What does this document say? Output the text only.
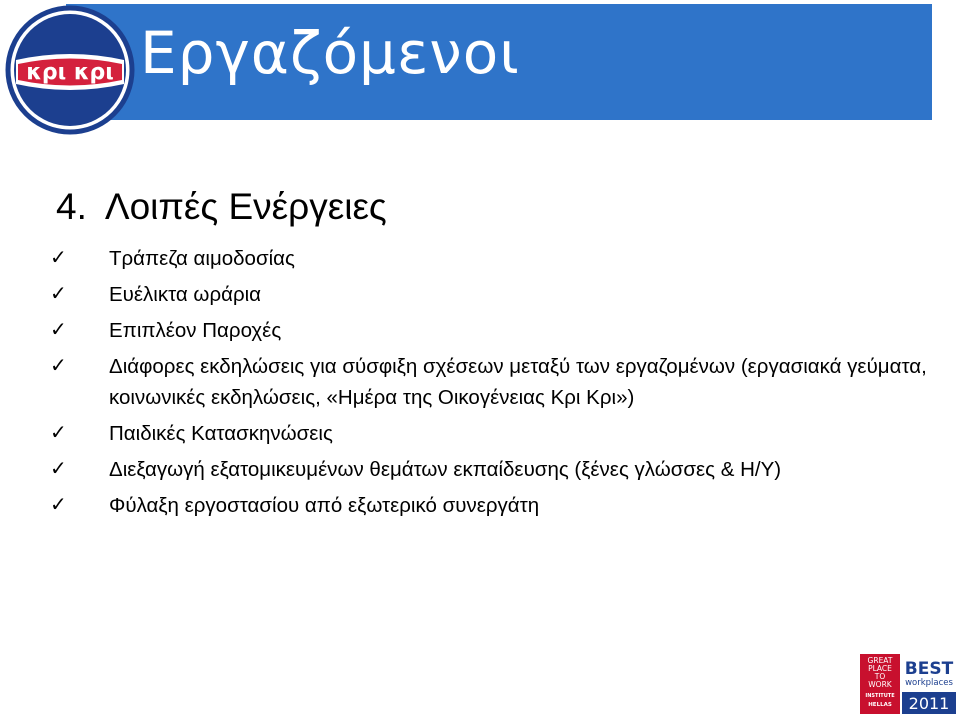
Εργαζόμενοι
κρι κρι
4. Λοιπές Ενέργειες
✓ Τράπεζα αιμοδοσίας
✓ Ευέλικτα ωράρια
✓ Επιπλέον Παροχές
✓ Διάφορες εκδηλώσεις για σύσφιξη σχέσεων μεταξύ των εργαζομένων (εργασιακά γεύματα, κοινωνικές εκδηλώσεις, «Ημέρα της Οικογένειας Κρι Κρι»)
✓ Παιδικές Κατασκηνώσεις
✓ Διεξαγωγή εξατομικευμένων θεμάτων εκπαίδευσης (ξένες γλώσσες & Η/Υ)
✓ Φύλαξη εργοστασίου από εξωτερικό συνεργάτη
GREAT
PLACE
TO
WORK
INSTITUTE
HELLAS
BEST
workplaces
2011
